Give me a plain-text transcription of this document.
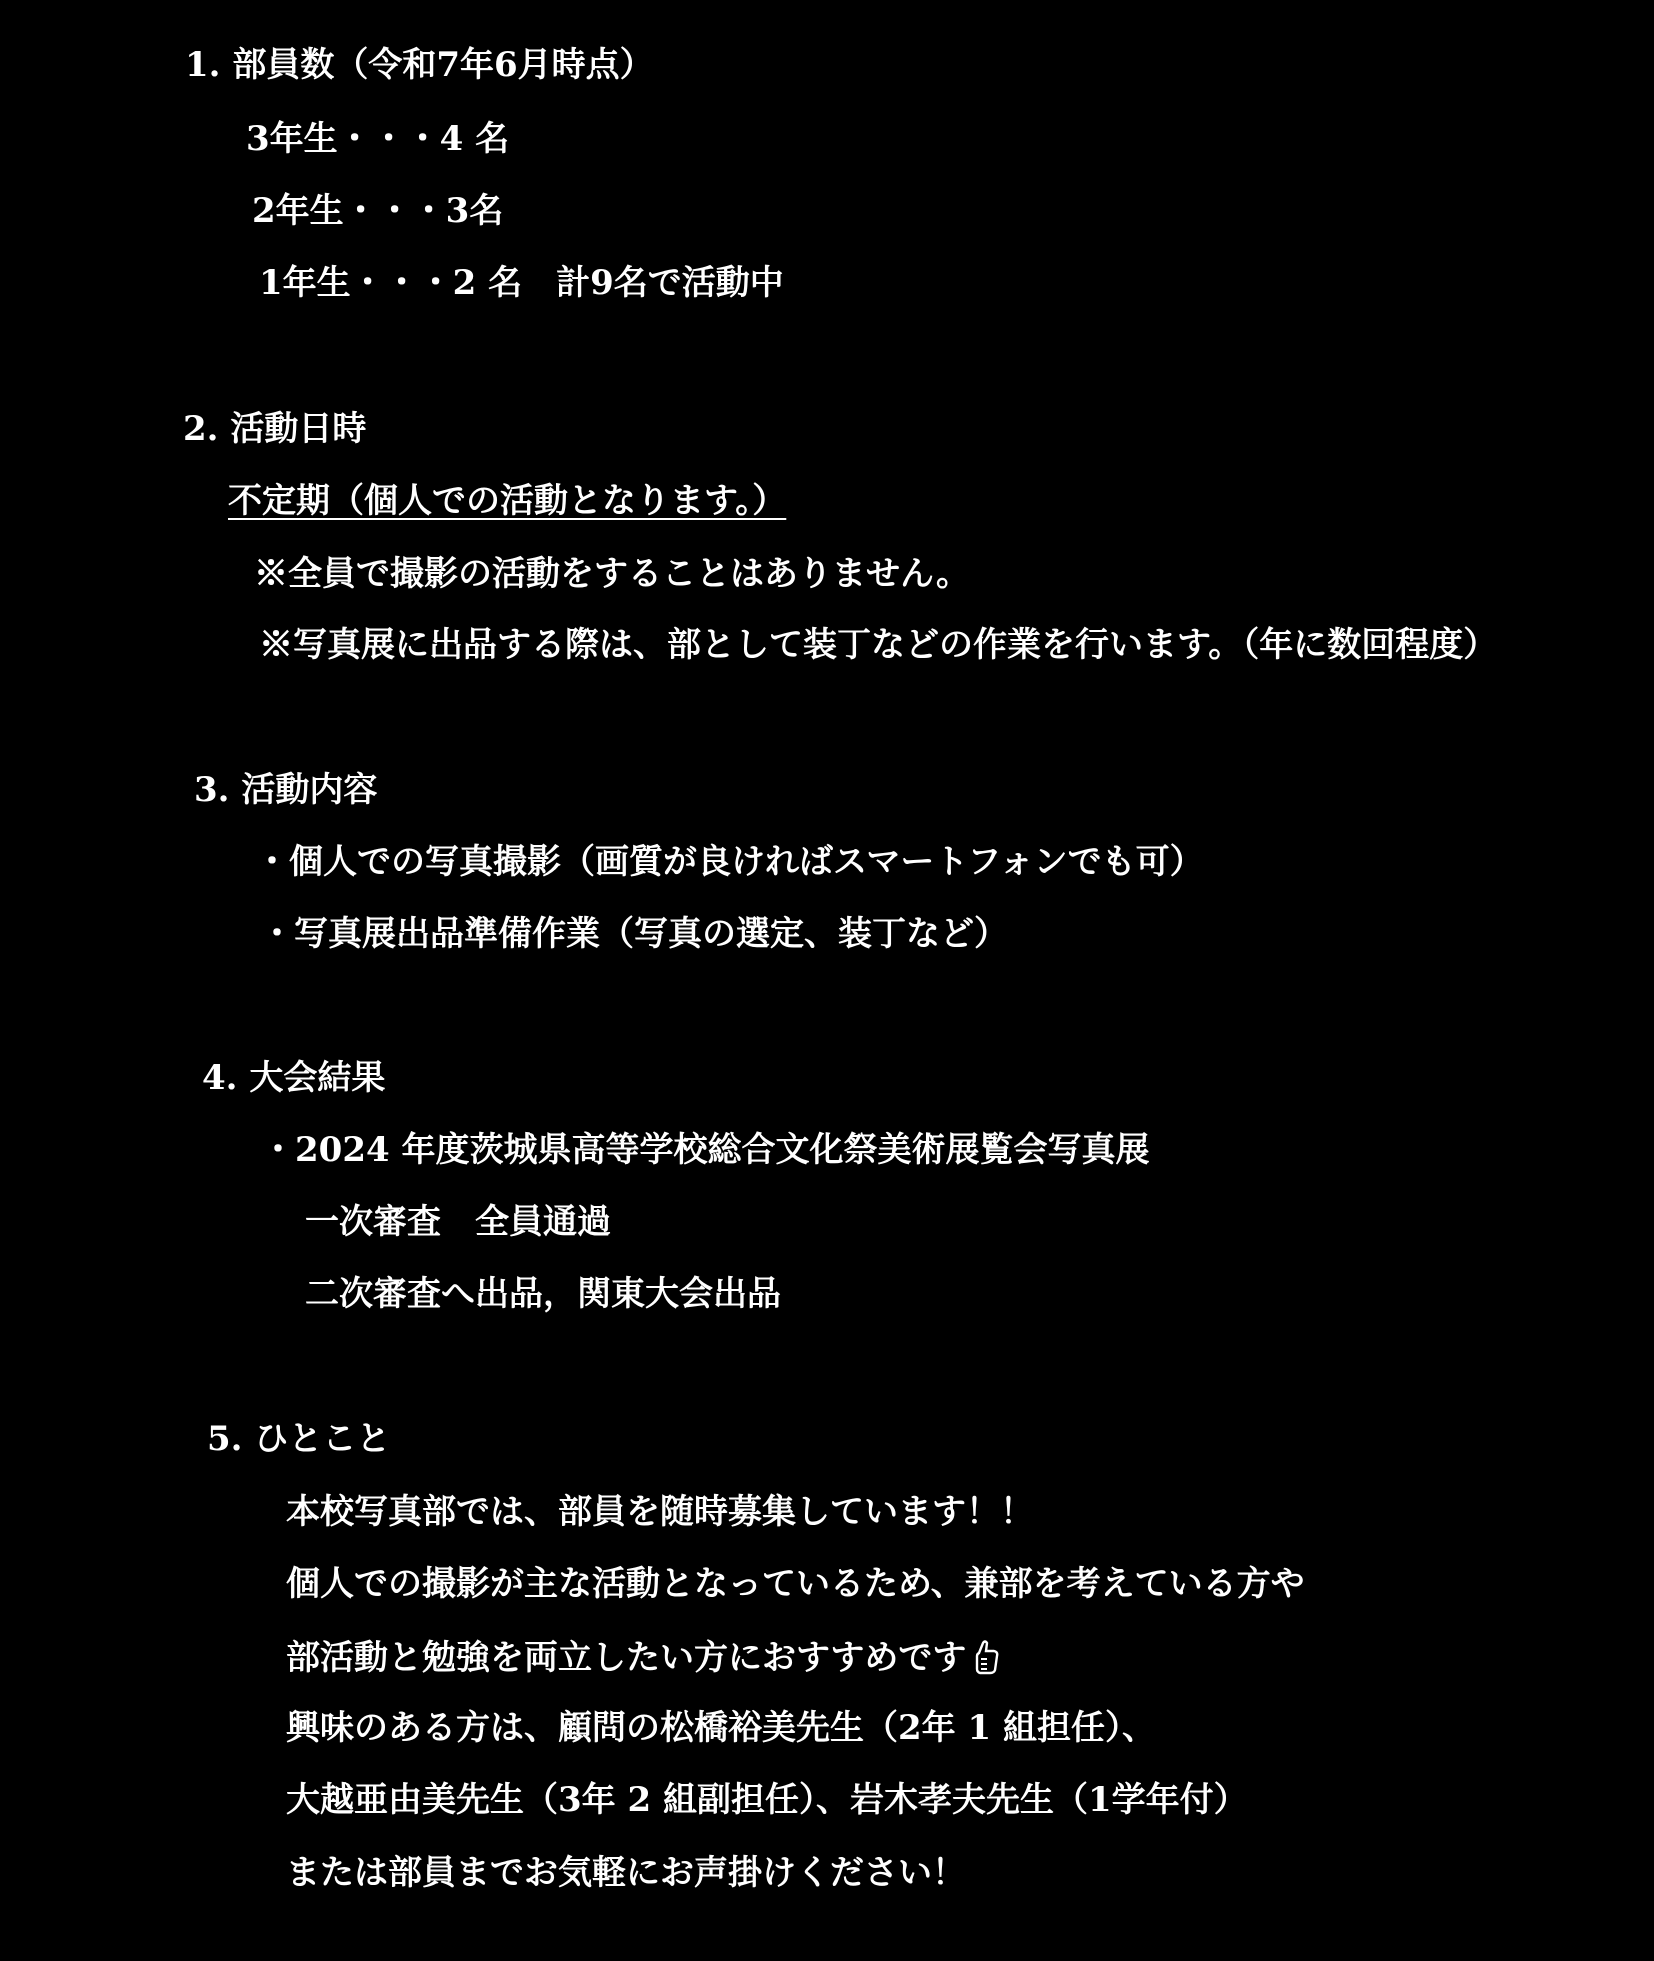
1. 部員数（令和7年6月時点）
3年生・・・4 名
2年生・・・3名
1年生・・・2 名　計9名で活動中
2. 活動日時
不定期（個人での活動となります。）
※全員で撮影の活動をすることはありません。
※写真展に出品する際は、部として装丁などの作業を行います。（年に数回程度）
3. 活動内容
・個人での写真撮影（画質が良ければスマートフォンでも可）
・写真展出品準備作業（写真の選定、装丁など）
4. 大会結果
・2024 年度茨城県高等学校総合文化祭美術展覧会写真展
一次審査　全員通過
二次審査へ出品，関東大会出品
5. ひとこと
本校写真部では、部員を随時募集しています！！
個人での撮影が主な活動となっているため、兼部を考えている方や
部活動と勉強を両立したい方におすすめです
興味のある方は、顧問の松橋裕美先生（2年 1 組担任）、
大越亜由美先生（3年 2 組副担任）、岩木孝夫先生（1学年付）
または部員までお気軽にお声掛けください！
